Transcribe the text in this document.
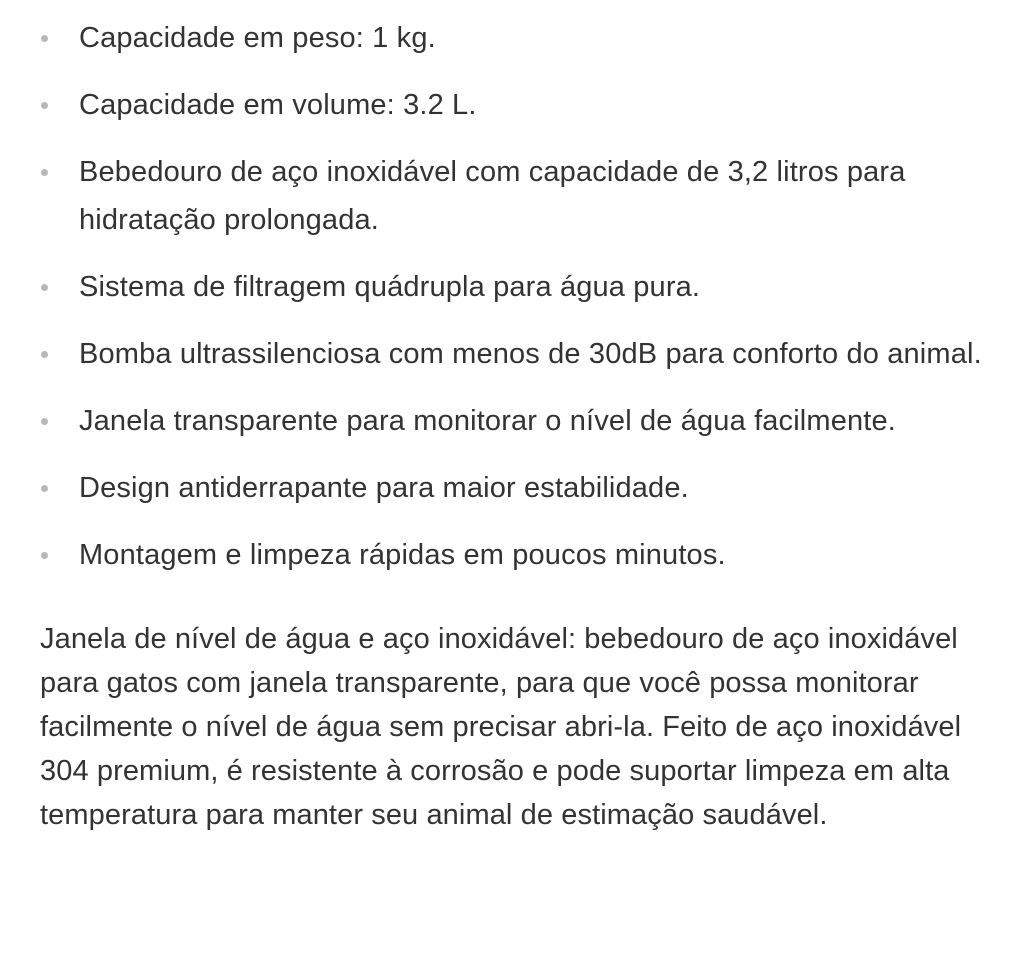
Capacidade em peso: 1 kg.
Capacidade em volume: 3.2 L.
Bebedouro de aço inoxidável com capacidade de 3,2 litros para hidratação prolongada.
Sistema de filtragem quádrupla para água pura.
Bomba ultrassilenciosa com menos de 30dB para conforto do animal.
Janela transparente para monitorar o nível de água facilmente.
Design antiderrapante para maior estabilidade.
Montagem e limpeza rápidas em poucos minutos.

Janela de nível de água e aço inoxidável: bebedouro de aço inoxidável para gatos com janela transparente, para que você possa monitorar facilmente o nível de água sem precisar abri-la. Feito de aço inoxidável 304 premium, é resistente à corrosão e pode suportar limpeza em alta temperatura para manter seu animal de estimação saudável.
